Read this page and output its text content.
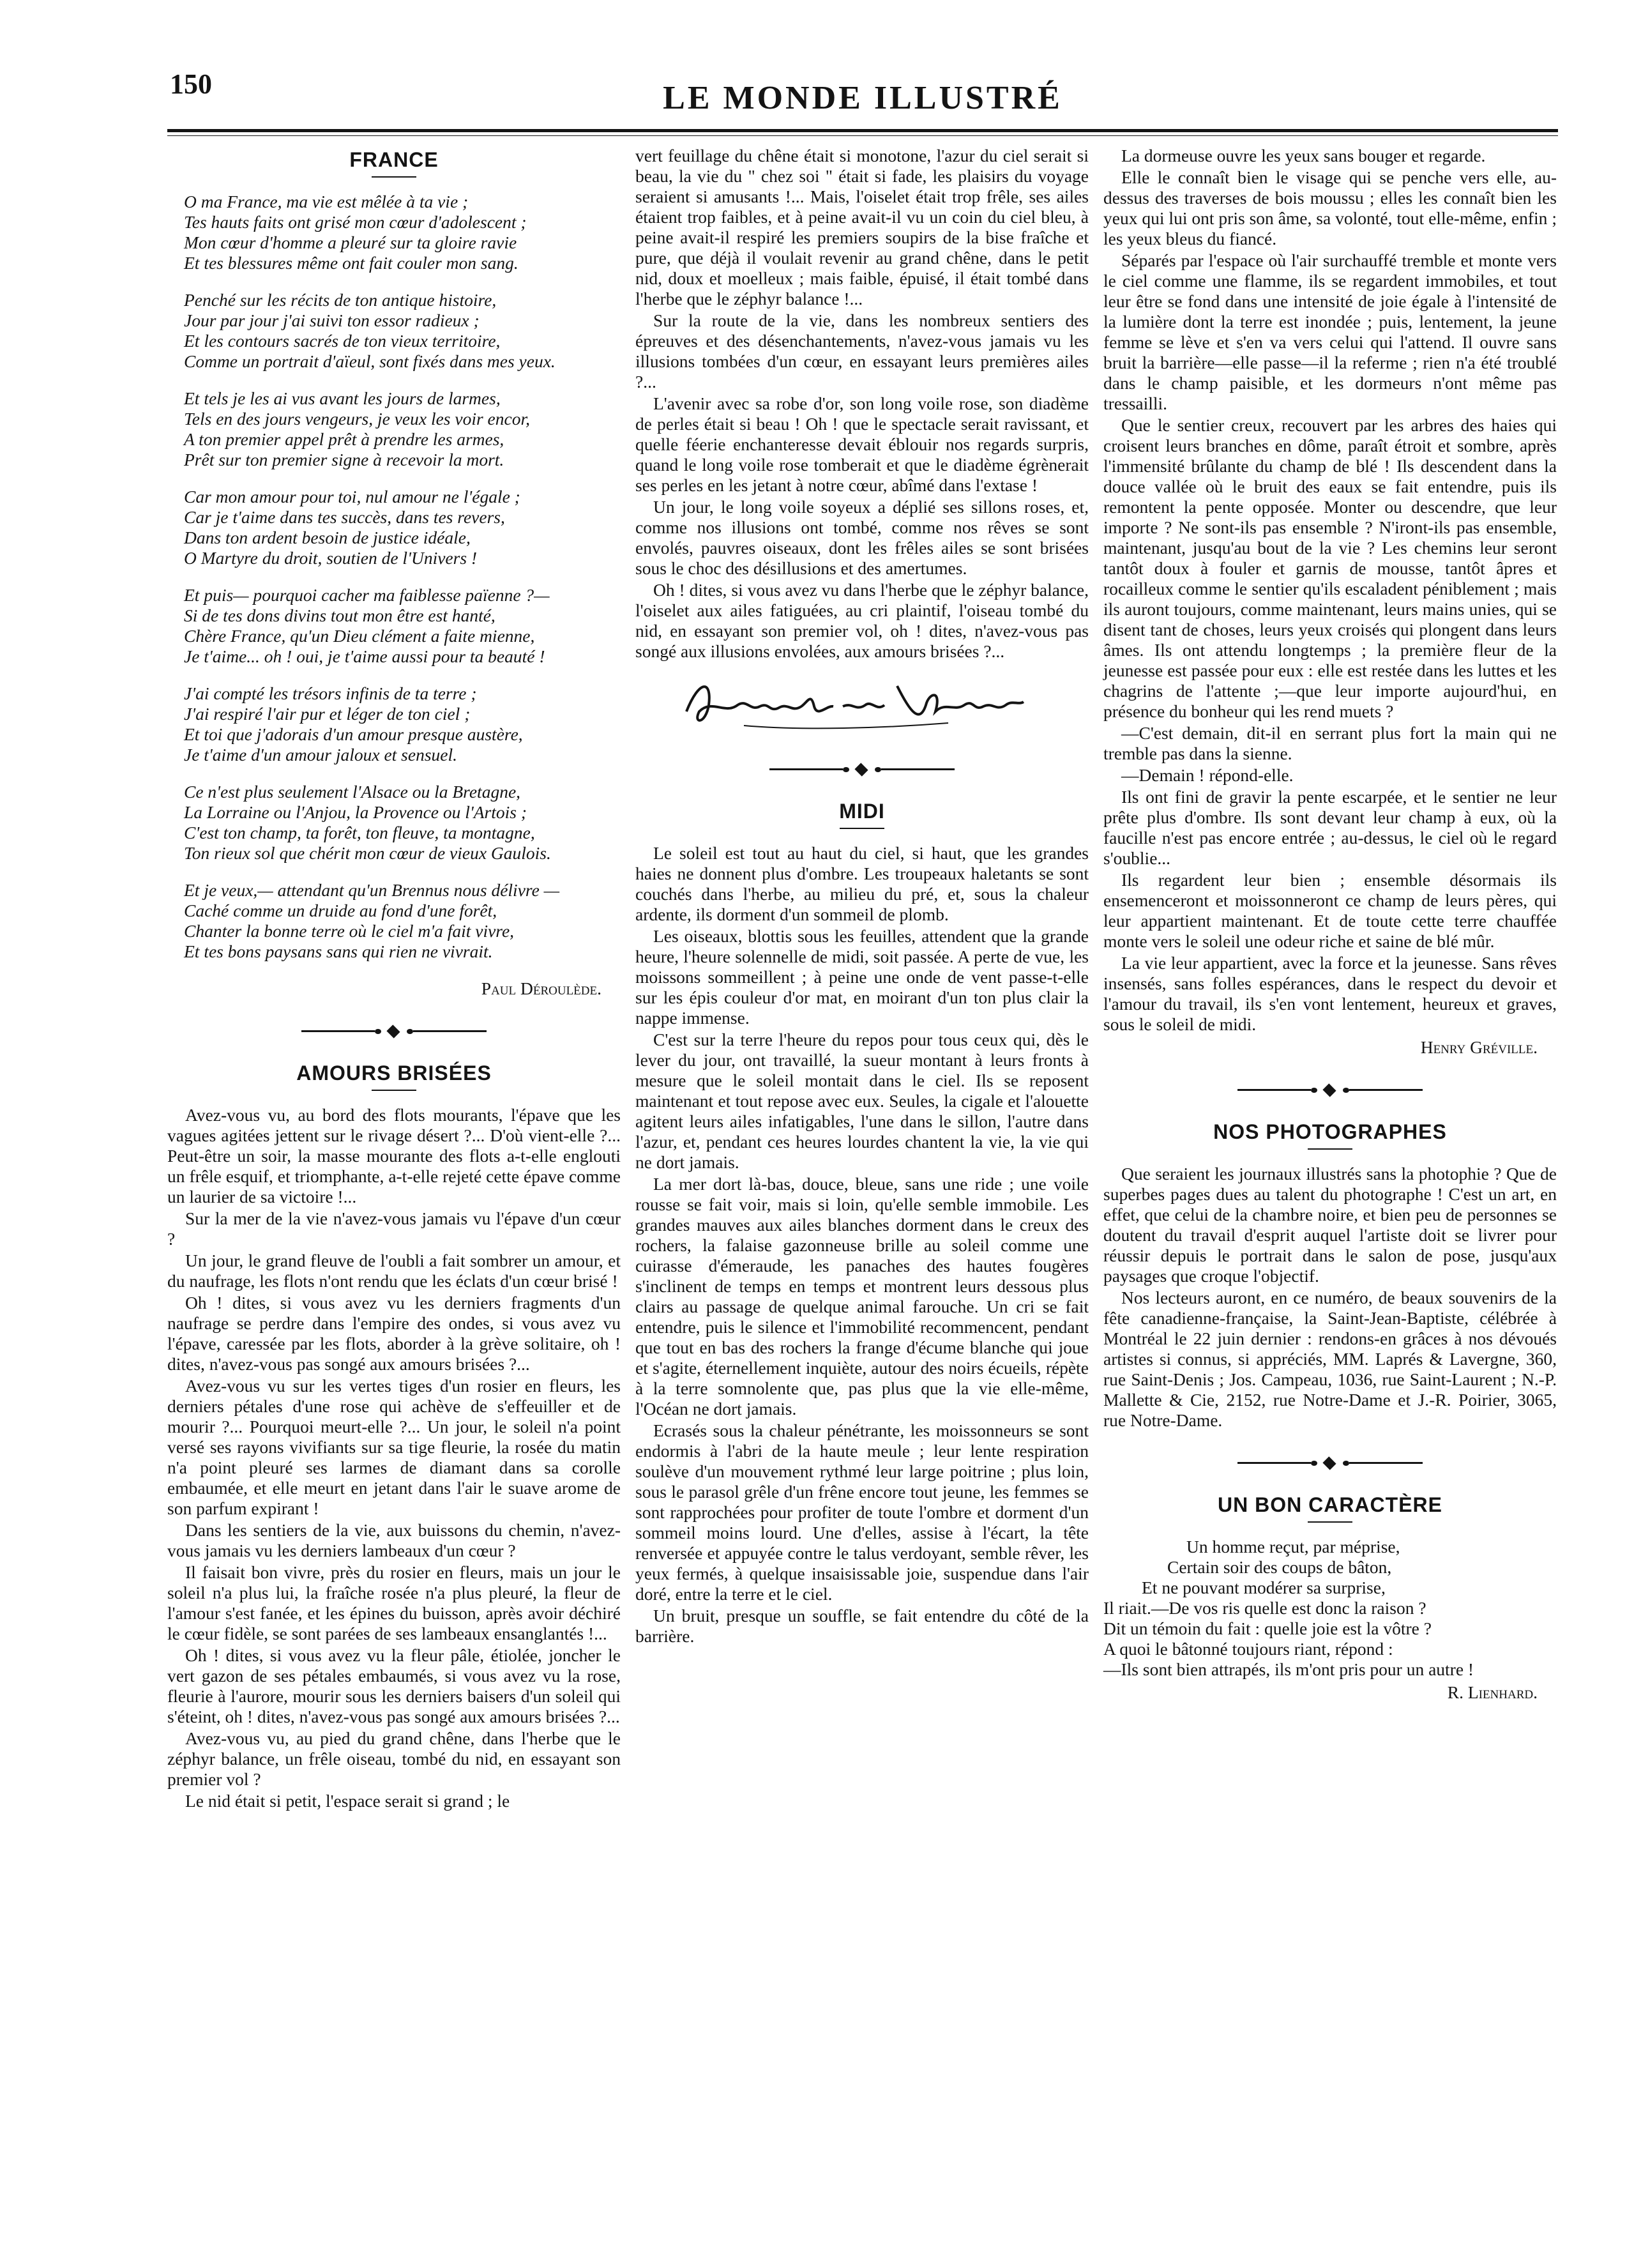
150	LE MONDE ILLUSTRÉ
FRANCE
O ma France, ma vie est mêlée à ta vie ;
Tes hauts faits ont grisé mon cœur d'adolescent ;
Mon cœur d'homme a pleuré sur ta gloire ravie
Et tes blessures même ont fait couler mon sang.
Penché sur les récits de ton antique histoire,
Jour par jour j'ai suivi ton essor radieux ;
Et les contours sacrés de ton vieux territoire,
Comme un portrait d'aïeul, sont fixés dans mes yeux.
Et tels je les ai vus avant les jours de larmes,
Tels en des jours vengeurs, je veux les voir encor,
A ton premier appel prêt à prendre les armes,
Prêt sur ton premier signe à recevoir la mort.
Car mon amour pour toi, nul amour ne l'égale ;
Car je t'aime dans tes succès, dans tes revers,
Dans ton ardent besoin de justice idéale,
O Martyre du droit, soutien de l'Univers !
Et puis— pourquoi cacher ma faiblesse païenne ?—
Si de tes dons divins tout mon être est hanté,
Chère France, qu'un Dieu clément a faite mienne,
Je t'aime... oh ! oui, je t'aime aussi pour ta beauté !
J'ai compté les trésors infinis de ta terre ;
J'ai respiré l'air pur et léger de ton ciel ;
Et toi que j'adorais d'un amour presque austère,
Je t'aime d'un amour jaloux et sensuel.
Ce n'est plus seulement l'Alsace ou la Bretagne,
La Lorraine ou l'Anjou, la Provence ou l'Artois ;
C'est ton champ, ta forêt, ton fleuve, ta montagne,
Ton rieux sol que chérit mon cœur de vieux Gaulois.
Et je veux,— attendant qu'un Brennus nous délivre —
Caché comme un druide au fond d'une forêt,
Chanter la bonne terre où le ciel m'a fait vivre,
Et tes bons paysans sans qui rien ne vivrait.
Paul Déroulède.
AMOURS BRISÉES

Avez-vous vu, au bord des flots mourants, l'épave que les vagues agitées jettent sur le rivage désert ?... D'où vient-elle ?... Peut-être un soir, la masse mourante des flots a-t-elle englouti un frêle esquif, et triomphante, a-t-elle rejeté cette épave comme un laurier de sa victoire !...

Sur la mer de la vie n'avez-vous jamais vu l'épave d'un cœur ?

Un jour, le grand fleuve de l'oubli a fait sombrer un amour, et du naufrage, les flots n'ont rendu que les éclats d'un cœur brisé !

Oh ! dites, si vous avez vu les derniers fragments d'un naufrage se perdre dans l'empire des ondes, si vous avez vu l'épave, caressée par les flots, aborder à la grève solitaire, oh ! dites, n'avez-vous pas songé aux amours brisées ?...

Avez-vous vu sur les vertes tiges d'un rosier en fleurs, les derniers pétales d'une rose qui achève de s'effeuiller et de mourir ?... Pourquoi meurt-elle ?... Un jour, le soleil n'a point versé ses rayons vivifiants sur sa tige fleurie, la rosée du matin n'a point pleuré ses larmes de diamant dans sa corolle embaumée, et elle meurt en jetant dans l'air le suave arome de son parfum expirant !

Dans les sentiers de la vie, aux buissons du chemin, n'avez-vous jamais vu les derniers lambeaux d'un cœur ?

Il faisait bon vivre, près du rosier en fleurs, mais un jour le soleil n'a plus lui, la fraîche rosée n'a plus pleuré, la fleur de l'amour s'est fanée, et les épines du buisson, après avoir déchiré le cœur fidèle, se sont parées de ses lambeaux ensanglantés !...

Oh ! dites, si vous avez vu la fleur pâle, étiolée, joncher le vert gazon de ses pétales embaumés, si vous avez vu la rose, fleurie à l'aurore, mourir sous les derniers baisers d'un soleil qui s'éteint, oh ! dites, n'avez-vous pas songé aux amours brisées ?...

Avez-vous vu, au pied du grand chêne, dans l'herbe que le zéphyr balance, un frêle oiseau, tombé du nid, en essayant son premier vol ?

Le nid était si petit, l'espace serait si grand ; le

vert feuillage du chêne était si monotone, l'azur du ciel serait si beau, la vie du " chez soi " était si fade, les plaisirs du voyage seraient si amusants !... Mais, l'oiselet était trop frêle, ses ailes étaient trop faibles, et à peine avait-il vu un coin du ciel bleu, à peine avait-il respiré les premiers soupirs de la bise fraîche et pure, que déjà il voulait revenir au grand chêne, dans le petit nid, doux et moelleux ; mais faible, épuisé, il était tombé dans l'herbe que le zéphyr balance !...

Sur la route de la vie, dans les nombreux sentiers des épreuves et des désenchantements, n'avez-vous jamais vu les illusions tombées d'un cœur, en essayant leurs premières ailes ?...

L'avenir avec sa robe d'or, son long voile rose, son diadème de perles était si beau ! Oh ! que le spectacle serait ravissant, et quelle féerie enchanteresse devait éblouir nos regards surpris, quand le long voile rose tomberait et que le diadème égrènerait ses perles en les jetant à notre cœur, abîmé dans l'extase !

Un jour, le long voile soyeux a déplié ses sillons roses, et, comme nos illusions ont tombé, comme nos rêves se sont envolés, pauvres oiseaux, dont les frêles ailes se sont brisées sous le choc des désillusions et des amertumes.

Oh ! dites, si vous avez vu dans l'herbe que le zéphyr balance, l'oiselet aux ailes fatiguées, au cri plaintif, l'oiseau tombé du nid, en essayant son premier vol, oh ! dites, n'avez-vous pas songé aux illusions envolées, aux amours brisées ?...

MIDI

Le soleil est tout au haut du ciel, si haut, que les grandes haies ne donnent plus d'ombre. Les troupeaux haletants se sont couchés dans l'herbe, au milieu du pré, et, sous la chaleur ardente, ils dorment d'un sommeil de plomb.

Les oiseaux, blottis sous les feuilles, attendent que la grande heure, l'heure solennelle de midi, soit passée. A perte de vue, les moissons sommeillent ; à peine une onde de vent passe-t-elle sur les épis couleur d'or mat, en moirant d'un ton plus clair la nappe immense.

C'est sur la terre l'heure du repos pour tous ceux qui, dès le lever du jour, ont travaillé, la sueur montant à leurs fronts à mesure que le soleil montait dans le ciel. Ils se reposent maintenant et tout repose avec eux. Seules, la cigale et l'alouette agitent leurs ailes infatigables, l'une dans le sillon, l'autre dans l'azur, et, pendant ces heures lourdes chantent la vie, la vie qui ne dort jamais.

La mer dort là-bas, douce, bleue, sans une ride ; une voile rousse se fait voir, mais si loin, qu'elle semble immobile. Les grandes mauves aux ailes blanches dorment dans le creux des rochers, la falaise gazonneuse brille au soleil comme une cuirasse d'émeraude, les panaches des hautes fougères s'inclinent de temps en temps et montrent leurs dessous plus clairs au passage de quelque animal farouche. Un cri se fait entendre, puis le silence et l'immobilité recommencent, pendant que tout en bas des rochers la frange d'écume blanche qui joue et s'agite, éternellement inquiète, autour des noirs écueils, répète à la terre somnolente que, pas plus que la vie elle-même, l'Océan ne dort jamais.

Ecrasés sous la chaleur pénétrante, les moissonneurs se sont endormis à l'abri de la haute meule ; leur lente respiration soulève d'un mouvement rythmé leur large poitrine ; plus loin, sous le parasol grêle d'un frêne encore tout jeune, les femmes se sont rapprochées pour profiter de toute l'ombre et dorment d'un sommeil moins lourd. Une d'elles, assise à l'écart, la tête renversée et appuyée contre le talus verdoyant, semble rêver, les yeux fermés, à quelque insaisissable joie, suspendue dans l'air doré, entre la terre et le ciel.

Un bruit, presque un souffle, se fait entendre du côté de la barrière.

La dormeuse ouvre les yeux sans bouger et regarde.

Elle le connaît bien le visage qui se penche vers elle, au-dessus des traverses de bois moussu ; elles les connaît bien les yeux qui lui ont pris son âme, sa volonté, tout elle-même, enfin ; les yeux bleus du fiancé.

Séparés par l'espace où l'air surchauffé tremble et monte vers le ciel comme une flamme, ils se regardent immobiles, et tout leur être se fond dans une intensité de joie égale à l'intensité de la lumière dont la terre est inondée ; puis, lentement, la jeune femme se lève et s'en va vers celui qui l'attend. Il ouvre sans bruit la barrière—elle passe—il la referme ; rien n'a été troublé dans le champ paisible, et les dormeurs n'ont même pas tressailli.

Que le sentier creux, recouvert par les arbres des haies qui croisent leurs branches en dôme, paraît étroit et sombre, après l'immensité brûlante du champ de blé ! Ils descendent dans la douce vallée où le bruit des eaux se fait entendre, puis ils remontent la pente opposée. Monter ou descendre, que leur importe ? Ne sont-ils pas ensemble ? N'iront-ils pas ensemble, maintenant, jusqu'au bout de la vie ? Les chemins leur seront tantôt doux à fouler et garnis de mousse, tantôt âpres et rocailleux comme le sentier qu'ils escaladent péniblement ; mais ils auront toujours, comme maintenant, leurs mains unies, qui se disent tant de choses, leurs yeux croisés qui plongent dans leurs âmes. Ils ont attendu longtemps ; la première fleur de la jeunesse est passée pour eux : elle est restée dans les luttes et les chagrins de l'attente ;—que leur importe aujourd'hui, en présence du bonheur qui les rend muets ?

—C'est demain, dit-il en serrant plus fort la main qui ne tremble pas dans la sienne.

—Demain ! répond-elle.

Ils ont fini de gravir la pente escarpée, et le sentier ne leur prête plus d'ombre. Ils sont devant leur champ à eux, où la faucille n'est pas encore entrée ; au-dessus, le ciel où le regard s'oublie...

Ils regardent leur bien ; ensemble désormais ils ensemenceront et moissonneront ce champ de leurs pères, qui leur appartient maintenant. Et de toute cette terre chauffée monte vers le soleil une odeur riche et saine de blé mûr.

La vie leur appartient, avec la force et la jeunesse. Sans rêves insensés, sans folles espérances, dans le respect du devoir et l'amour du travail, ils s'en vont lentement, heureux et graves, sous le soleil de midi.

Henry Gréville.
NOS PHOTOGRAPHES

Que seraient les journaux illustrés sans la photophie ? Que de superbes pages dues au talent du photographe ! C'est un art, en effet, que celui de la chambre noire, et bien peu de personnes se doutent du travail d'esprit auquel l'artiste doit se livrer pour réussir depuis le portrait dans le salon de pose, jusqu'aux paysages que croque l'objectif.

Nos lecteurs auront, en ce numéro, de beaux souvenirs de la fête canadienne-française, la Saint-Jean-Baptiste, célébrée à Montréal le 22 juin dernier : rendons-en grâces à nos dévoués artistes si connus, si appréciés, MM. Laprés & Lavergne, 360, rue Saint-Denis ; Jos. Campeau, 1036, rue Saint-Laurent ; N.-P. Mallette & Cie, 2152, rue Notre-Dame et J.-R. Poirier, 3065, rue Notre-Dame.

UN BON CARACTÈRE
Un homme reçut, par méprise,
Certain soir des coups de bâton,
Et ne pouvant modérer sa surprise,
Il riait.—De vos ris quelle est donc la raison ?
Dit un témoin du fait : quelle joie est la vôtre ?
A quoi le bâtonné toujours riant, répond :
—Ils sont bien attrapés, ils m'ont pris pour un autre !
R. Lienhard.
